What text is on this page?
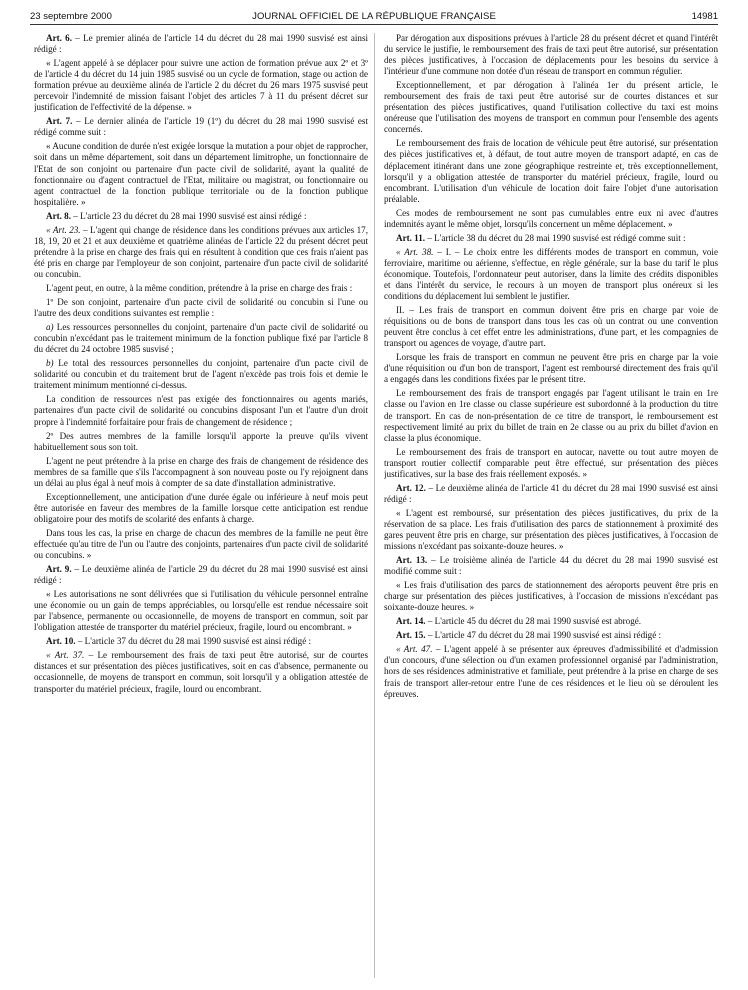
23 septembre 2000	JOURNAL OFFICIEL DE LA RÉPUBLIQUE FRANÇAISE	14981

Art. 6. – Le premier alinéa de l'article 14 du décret du 28 mai 1990 susvisé est ainsi rédigé :

« L'agent appelé à se déplacer pour suivre une action de formation prévue aux 2º et 3º de l'article 4 du décret du 14 juin 1985 susvisé ou un cycle de formation, stage ou action de formation prévue au deuxième alinéa de l'article 2 du décret du 26 mars 1975 susvisé peut percevoir l'indemnité de mission faisant l'objet des articles 7 à 11 du présent décret sur justification de l'effectivité de la dépense. »

Art. 7. – Le dernier alinéa de l'article 19 (1º) du décret du 28 mai 1990 susvisé est rédigé comme suit :

« Aucune condition de durée n'est exigée lorsque la mutation a pour objet de rapprocher, soit dans un même département, soit dans un département limitrophe, un fonctionnaire de l'Etat de son conjoint ou partenaire d'un pacte civil de solidarité, ayant la qualité de fonctionnaire ou d'agent contractuel de l'Etat, militaire ou magistrat, ou fonctionnaire ou agent contractuel de la fonction publique territoriale ou de la fonction publique hospitalière. »

Art. 8. – L'article 23 du décret du 28 mai 1990 susvisé est ainsi rédigé :

« Art. 23. – L'agent qui change de résidence dans les conditions prévues aux articles 17, 18, 19, 20 et 21 et aux deuxième et quatrième alinéas de l'article 22 du présent décret peut prétendre à la prise en charge des frais qui en résultent à condition que ces frais n'aient pas été pris en charge par l'employeur de son conjoint, partenaire d'un pacte civil de solidarité ou concubin.

L'agent peut, en outre, à la même condition, prétendre à la prise en charge des frais :

1º De son conjoint, partenaire d'un pacte civil de solidarité ou concubin si l'une ou l'autre des deux conditions suivantes est remplie :

a) Les ressources personnelles du conjoint, partenaire d'un pacte civil de solidarité ou concubin n'excédant pas le traitement minimum de la fonction publique fixé par l'article 8 du décret du 24 octobre 1985 susvisé ;

b) Le total des ressources personnelles du conjoint, partenaire d'un pacte civil de solidarité ou concubin et du traitement brut de l'agent n'excède pas trois fois et demie le traitement minimum mentionné ci-dessus.

La condition de ressources n'est pas exigée des fonctionnaires ou agents mariés, partenaires d'un pacte civil de solidarité ou concubins disposant l'un et l'autre d'un droit propre à l'indemnité forfaitaire pour frais de changement de résidence ;

2º Des autres membres de la famille lorsqu'il apporte la preuve qu'ils vivent habituellement sous son toit.

L'agent ne peut prétendre à la prise en charge des frais de changement de résidence des membres de sa famille que s'ils l'accompagnent à son nouveau poste ou l'y rejoignent dans un délai au plus égal à neuf mois à compter de sa date d'installation administrative.

Exceptionnellement, une anticipation d'une durée égale ou inférieure à neuf mois peut être autorisée en faveur des membres de la famille lorsque cette anticipation est rendue obligatoire pour des motifs de scolarité des enfants à charge.

Dans tous les cas, la prise en charge de chacun des membres de la famille ne peut être effectuée qu'au titre de l'un ou l'autre des conjoints, partenaires d'un pacte civil de solidarité ou concubins. »

Art. 9. – Le deuxième alinéa de l'article 29 du décret du 28 mai 1990 susvisé est ainsi rédigé :

« Les autorisations ne sont délivrées que si l'utilisation du véhicule personnel entraîne une économie ou un gain de temps appréciables, ou lorsqu'elle est rendue nécessaire soit par l'absence, permanente ou occasionnelle, de moyens de transport en commun, soit par l'obligation attestée de transporter du matériel précieux, fragile, lourd ou encombrant. »

Art. 10. – L'article 37 du décret du 28 mai 1990 susvisé est ainsi rédigé :

« Art. 37. – Le remboursement des frais de taxi peut être autorisé, sur de courtes distances et sur présentation des pièces justificatives, soit en cas d'absence, permanente ou occasionnelle, de moyens de transport en commun, soit lorsqu'il y a obligation attestée de transporter du matériel précieux, fragile, lourd ou encombrant.

Par dérogation aux dispositions prévues à l'article 28 du présent décret et quand l'intérêt du service le justifie, le remboursement des frais de taxi peut être autorisé, sur présentation des pièces justificatives, à l'occasion de déplacements pour les besoins du service à l'intérieur d'une commune non dotée d'un réseau de transport en commun régulier.

Exceptionnellement, et par dérogation à l'alinéa 1er du présent article, le remboursement des frais de taxi peut être autorisé sur de courtes distances et sur présentation des pièces justificatives, quand l'utilisation collective du taxi est moins onéreuse que l'utilisation des moyens de transport en commun pour l'ensemble des agents concernés.

Le remboursement des frais de location de véhicule peut être autorisé, sur présentation des pièces justificatives et, à défaut, de tout autre moyen de transport adapté, en cas de déplacement itinérant dans une zone géographique restreinte et, très exceptionnellement, lorsqu'il y a obligation attestée de transporter du matériel précieux, fragile, lourd ou encombrant. L'utilisation d'un véhicule de location doit faire l'objet d'une autorisation préalable.

Ces modes de remboursement ne sont pas cumulables entre eux ni avec d'autres indemnités ayant le même objet, lorsqu'ils concernent un même déplacement. »

Art. 11. – L'article 38 du décret du 28 mai 1990 susvisé est rédigé comme suit :

« Art. 38. – I. – Le choix entre les différents modes de transport en commun, voie ferroviaire, maritime ou aérienne, s'effectue, en règle générale, sur la base du tarif le plus économique. Toutefois, l'ordonnateur peut autoriser, dans la limite des crédits disponibles et dans l'intérêt du service, le recours à un moyen de transport plus onéreux si les conditions du déplacement lui semblent le justifier.

II. – Les frais de transport en commun doivent être pris en charge par voie de réquisitions ou de bons de transport dans tous les cas où un contrat ou une convention peuvent être conclus à cet effet entre les administrations, d'une part, et les compagnies de transport ou agences de voyage, d'autre part.

Lorsque les frais de transport en commun ne peuvent être pris en charge par la voie d'une réquisition ou d'un bon de transport, l'agent est remboursé directement des frais qu'il a engagés dans les conditions fixées par le présent titre.

Le remboursement des frais de transport engagés par l'agent utilisant le train en 1re classe ou l'avion en 1re classe ou classe supérieure est subordonné à la production du titre de transport. En cas de non-présentation de ce titre de transport, le remboursement est respectivement limité au prix du billet de train en 2e classe ou au prix du billet d'avion en classe la plus économique.

Le remboursement des frais de transport en autocar, navette ou tout autre moyen de transport routier collectif comparable peut être effectué, sur présentation des pièces justificatives, sur la base des frais réellement exposés. »

Art. 12. – Le deuxième alinéa de l'article 41 du décret du 28 mai 1990 susvisé est ainsi rédigé :

« L'agent est remboursé, sur présentation des pièces justificatives, du prix de la réservation de sa place. Les frais d'utilisation des parcs de stationnement à proximité des gares peuvent être pris en charge, sur présentation des pièces justificatives, à l'occasion de missions n'excédant pas soixante-douze heures. »

Art. 13. – Le troisième alinéa de l'article 44 du décret du 28 mai 1990 susvisé est modifié comme suit :

« Les frais d'utilisation des parcs de stationnement des aéroports peuvent être pris en charge sur présentation des pièces justificatives, à l'occasion de missions n'excédant pas soixante-douze heures. »

Art. 14. – L'article 45 du décret du 28 mai 1990 susvisé est abrogé.

Art. 15. – L'article 47 du décret du 28 mai 1990 susvisé est ainsi rédigé :

« Art. 47. – L'agent appelé à se présenter aux épreuves d'admissibilité et d'admission d'un concours, d'une sélection ou d'un examen professionnel organisé par l'administration, hors de ses résidences administrative et familiale, peut prétendre à la prise en charge de ses frais de transport aller-retour entre l'une de ces résidences et le lieu où se déroulent les épreuves.
